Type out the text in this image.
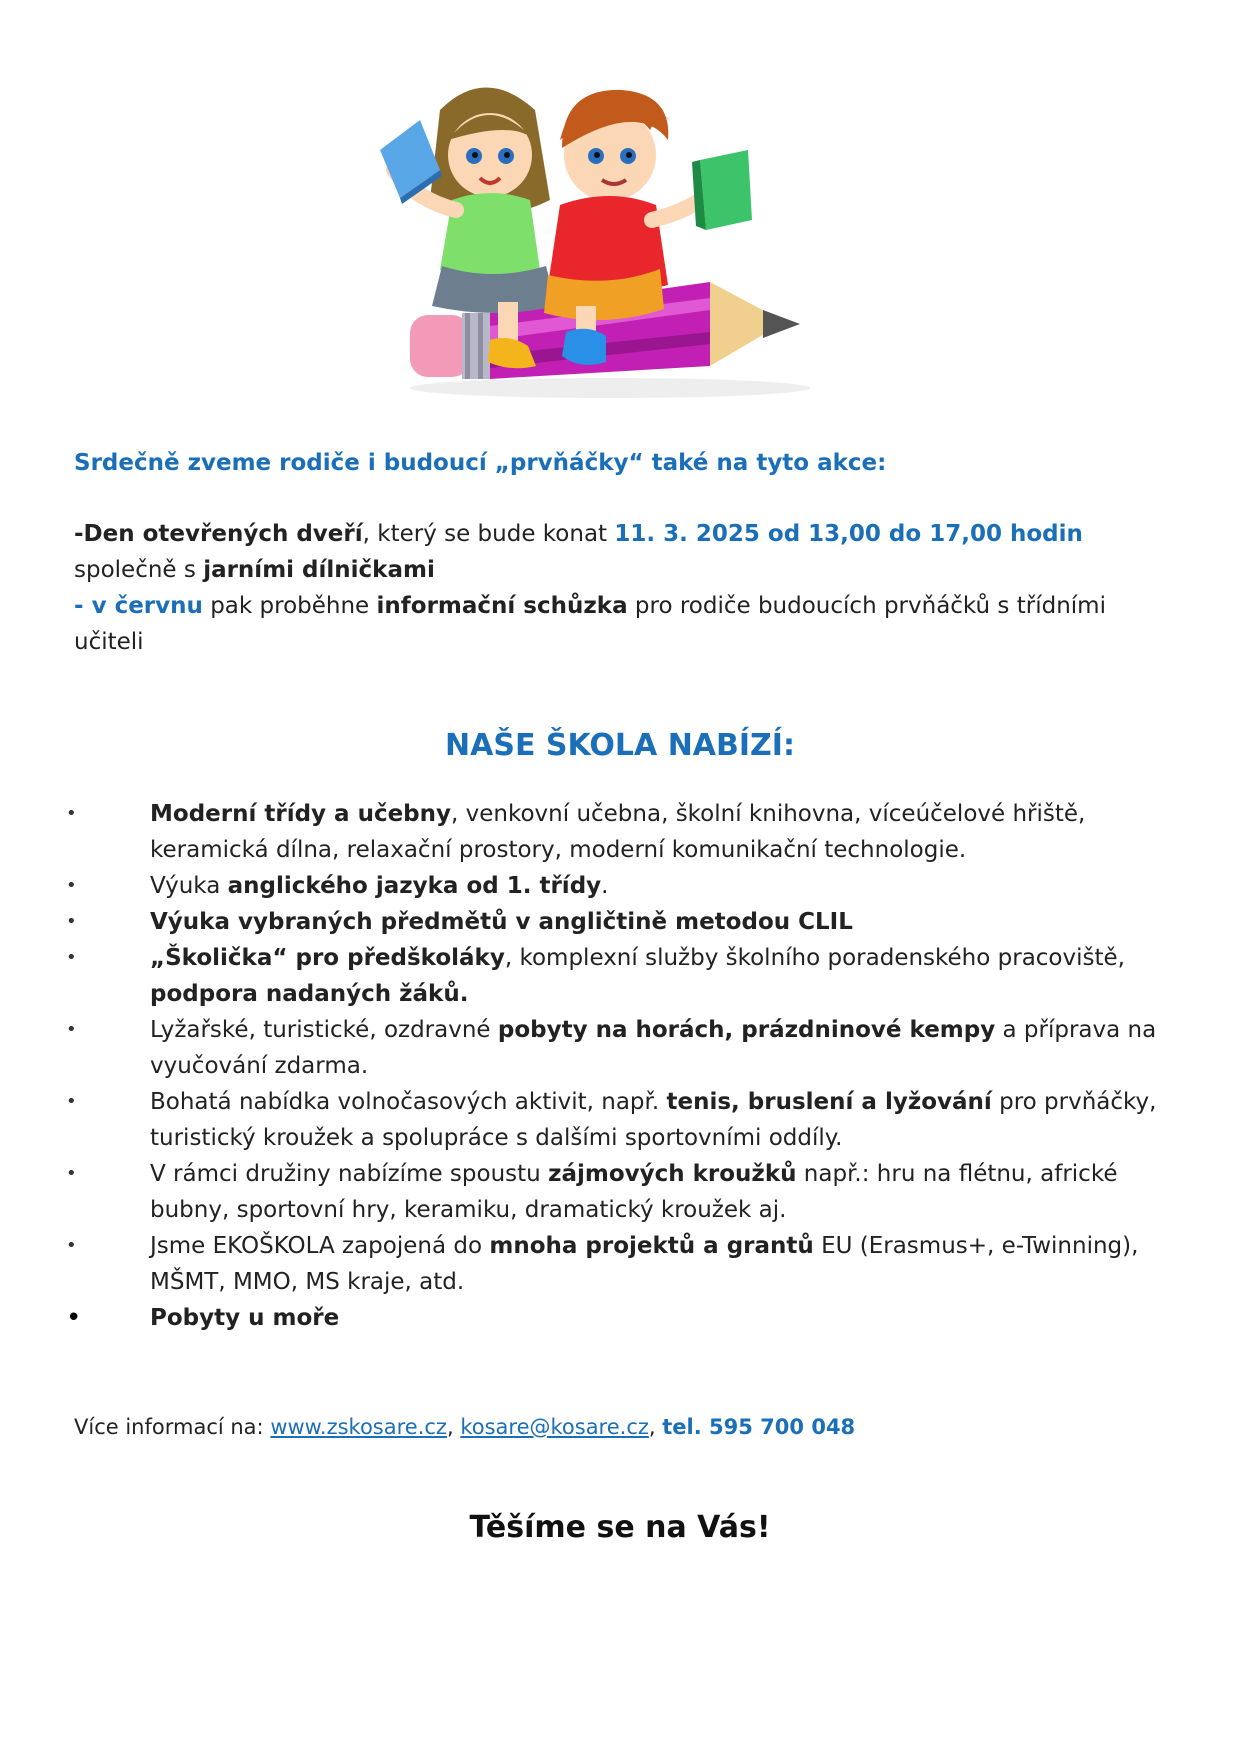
Srdečně zveme rodiče i budoucí „prvňáčky“ také na tyto akce:

-Den otevřených dveří, který se bude konat 11. 3. 2025 od 13,00 do 17,00 hodin

společně s jarními dílničkami

- v červnu pak proběhne informační schůzka pro rodiče budoucích prvňáčků s třídními učiteli

NAŠE ŠKOLA NABÍZÍ:
• Moderní třídy a učebny, venkovní učebna, školní knihovna, víceúčelové hřiště, keramická dílna, relaxační prostory, moderní komunikační technologie.
• Výuka anglického jazyka od 1. třídy.
• Výuka vybraných předmětů v angličtině metodou CLIL
• „Školička“ pro předškoláky, komplexní služby školního poradenského pracoviště, podpora nadaných žáků.
• Lyžařské, turistické, ozdravné pobyty na horách, prázdninové kempy a příprava na vyučování zdarma.
• Bohatá nabídka volnočasových aktivit, např. tenis, bruslení a lyžování pro prvňáčky, turistický kroužek a spolupráce s dalšími sportovními oddíly.
• V rámci družiny nabízíme spoustu zájmových kroužků např.: hru na flétnu, africké bubny, sportovní hry, keramiku, dramatický kroužek aj.
• Jsme EKOŠKOLA zapojená do mnoha projektů a grantů EU (Erasmus+, e-Twinning), MŠMT, MMO, MS kraje, atd.
• Pobyty u moře
Více informací na: www.zskosare.cz, kosare@kosare.cz, tel. 595 700 048
Těšíme se na Vás!
